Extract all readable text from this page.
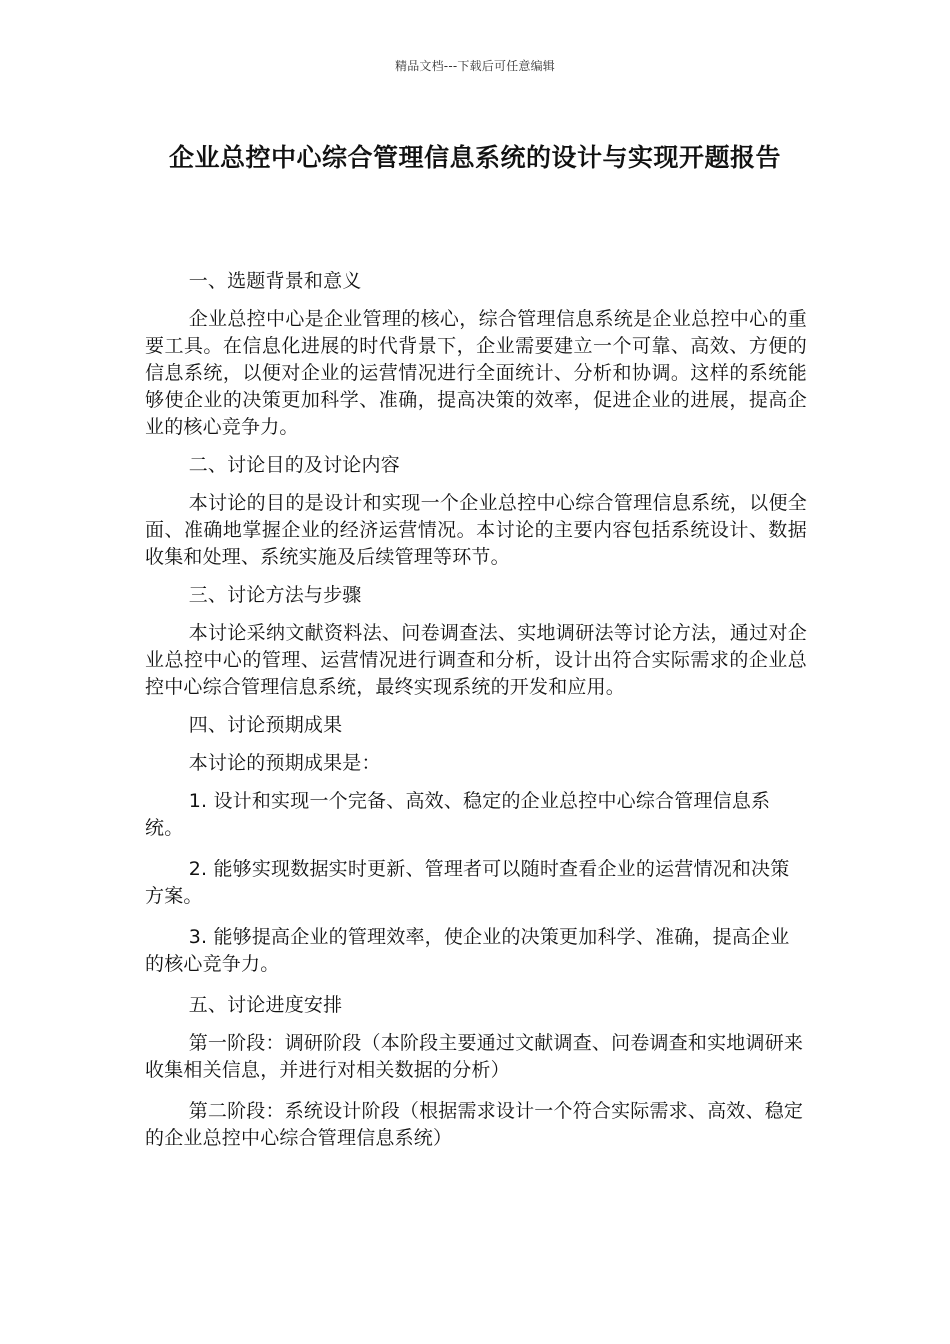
精品文档---下载后可任意编辑
企业总控中心综合管理信息系统的设计与实现开题报告

一、选题背景和意义

企业总控中心是企业管理的核心，综合管理信息系统是企业总控中心的重要工具。在信息化进展的时代背景下，企业需要建立一个可靠、高效、方便的信息系统，以便对企业的运营情况进行全面统计、分析和协调。这样的系统能够使企业的决策更加科学、准确，提高决策的效率，促进企业的进展，提高企业的核心竞争力。

二、讨论目的及讨论内容

本讨论的目的是设计和实现一个企业总控中心综合管理信息系统，以便全面、准确地掌握企业的经济运营情况。本讨论的主要内容包括系统设计、数据收集和处理、系统实施及后续管理等环节。

三、讨论方法与步骤

本讨论采纳文献资料法、问卷调查法、实地调研法等讨论方法，通过对企业总控中心的管理、运营情况进行调查和分析，设计出符合实际需求的企业总控中心综合管理信息系统，最终实现系统的开发和应用。

四、讨论预期成果

本讨论的预期成果是：

1. 设计和实现一个完备、高效、稳定的企业总控中心综合管理信息系统。

2. 能够实现数据实时更新、管理者可以随时查看企业的运营情况和决策方案。

3. 能够提高企业的管理效率，使企业的决策更加科学、准确，提高企业的核心竞争力。

五、讨论进度安排

第一阶段：调研阶段（本阶段主要通过文献调查、问卷调查和实地调研来收集相关信息，并进行对相关数据的分析）

第二阶段：系统设计阶段（根据需求设计一个符合实际需求、高效、稳定的企业总控中心综合管理信息系统）
